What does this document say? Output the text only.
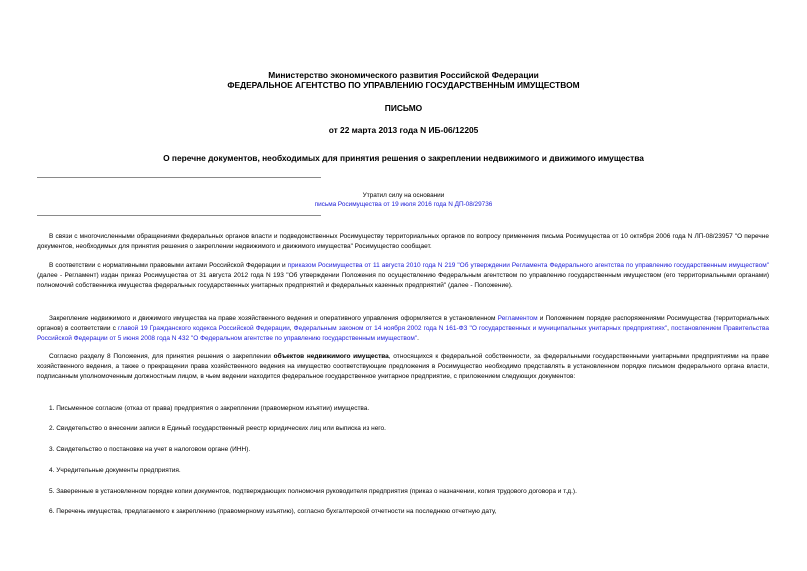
Министерство экономического развития Российской Федерации
ФЕДЕРАЛЬНОЕ АГЕНТСТВО ПО УПРАВЛЕНИЮ ГОСУДАРСТВЕННЫМ ИМУЩЕСТВОМ
ПИСЬМО
от 22 марта 2013 года N ИБ-06/12205
О перечне документов, необходимых для принятия решения о закреплении недвижимого и движимого имущества
Утратил силу на основании
письма Росимущества от 19 июля 2016 года N ДП-08/29736
В связи с многочисленными обращениями федеральных органов власти и подведомственных Росимуществу территориальных органов по вопросу применения письма Росимущества от 10 октября 2006 года N ЛП-08/23957 "О перечне документов, необходимых для принятия решения о закреплении недвижимого и движимого имущества" Росимущество сообщает.
В соответствии с нормативными правовыми актами Российской Федерации и приказом Росимущества от 11 августа 2010 года N 219 "Об утверждении Регламента Федерального агентства по управлению государственным имуществом" (далее - Регламент) издан приказ Росимущества от 31 августа 2012 года N 193 "Об утверждении Положения по осуществлению Федеральным агентством по управлению государственным имуществом (его территориальными органами) полномочий собственника имущества федеральных государственных унитарных предприятий и федеральных казенных предприятий" (далее - Положение).
Закрепление недвижимого и движимого имущества на праве хозяйственного ведения и оперативного управления оформляется в установленном Регламентом и Положением порядке распоряжениями Росимущества (территориальных органов) в соответствии с главой 19 Гражданского кодекса Российской Федерации, Федеральным законом от 14 ноября 2002 года N 161-ФЗ "О государственных и муниципальных унитарных предприятиях", постановлением Правительства Российской Федерации от 5 июня 2008 года N 432 "О Федеральном агентстве по управлению государственным имуществом".
Согласно разделу 8 Положения, для принятия решения о закреплении объектов недвижимого имущества, относящихся к федеральной собственности, за федеральными государственными унитарными предприятиями на праве хозяйственного ведения, а также о прекращении права хозяйственного ведения на имущество соответствующие предложения в Росимущество необходимо представлять в установленном порядке письмом федерального органа власти, подписанным уполномоченным должностным лицом, в чьем ведении находится федеральное государственное унитарное предприятие, с приложением следующих документов:
1. Письменное согласие (отказ от права) предприятия о закреплении (правомерном изъятии) имущества.
2. Свидетельство о внесении записи в Единый государственный реестр юридических лиц или выписка из него.
3. Свидетельство о постановке на учет в налоговом органе (ИНН).
4. Учредительные документы предприятия.
5. Заверенные в установленном порядке копии документов, подтверждающих полномочия руководителя предприятия (приказ о назначении, копия трудового договора и т.д.).
6. Перечень имущества, предлагаемого к закреплению (правомерному изъятию), согласно бухгалтерской отчетности на последнюю отчетную дату,
